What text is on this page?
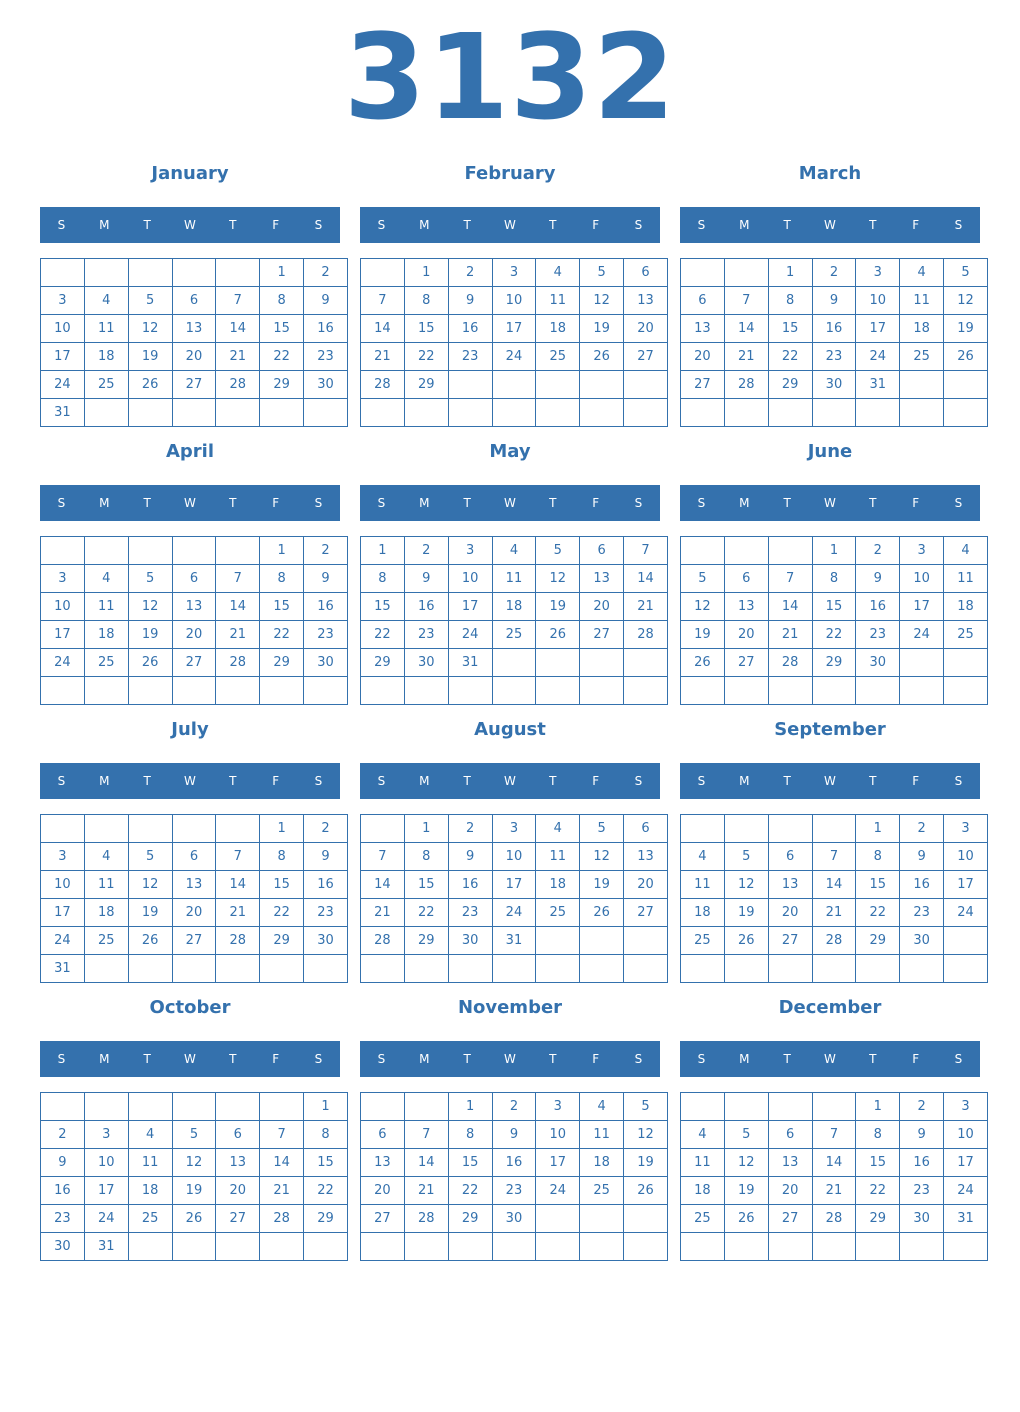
3132
January
S	M	T	W	T	F	S
					1	2
3	4	5	6	7	8	9
10	11	12	13	14	15	16
17	18	19	20	21	22	23
24	25	26	27	28	29	30
31						
February
S	M	T	W	T	F	S
	1	2	3	4	5	6
7	8	9	10	11	12	13
14	15	16	17	18	19	20
21	22	23	24	25	26	27
28	29					

March
S	M	T	W	T	F	S
		1	2	3	4	5
6	7	8	9	10	11	12
13	14	15	16	17	18	19
20	21	22	23	24	25	26
27	28	29	30	31		

April
S	M	T	W	T	F	S
					1	2
3	4	5	6	7	8	9
10	11	12	13	14	15	16
17	18	19	20	21	22	23
24	25	26	27	28	29	30

May
S	M	T	W	T	F	S
1	2	3	4	5	6	7
8	9	10	11	12	13	14
15	16	17	18	19	20	21
22	23	24	25	26	27	28
29	30	31				

June
S	M	T	W	T	F	S
			1	2	3	4
5	6	7	8	9	10	11
12	13	14	15	16	17	18
19	20	21	22	23	24	25
26	27	28	29	30		

July
S	M	T	W	T	F	S
					1	2
3	4	5	6	7	8	9
10	11	12	13	14	15	16
17	18	19	20	21	22	23
24	25	26	27	28	29	30
31						
August
S	M	T	W	T	F	S
	1	2	3	4	5	6
7	8	9	10	11	12	13
14	15	16	17	18	19	20
21	22	23	24	25	26	27
28	29	30	31			

September
S	M	T	W	T	F	S
				1	2	3
4	5	6	7	8	9	10
11	12	13	14	15	16	17
18	19	20	21	22	23	24
25	26	27	28	29	30	

October
S	M	T	W	T	F	S
						1
2	3	4	5	6	7	8
9	10	11	12	13	14	15
16	17	18	19	20	21	22
23	24	25	26	27	28	29
30	31					
November
S	M	T	W	T	F	S
		1	2	3	4	5
6	7	8	9	10	11	12
13	14	15	16	17	18	19
20	21	22	23	24	25	26
27	28	29	30			

December
S	M	T	W	T	F	S
				1	2	3
4	5	6	7	8	9	10
11	12	13	14	15	16	17
18	19	20	21	22	23	24
25	26	27	28	29	30	31
